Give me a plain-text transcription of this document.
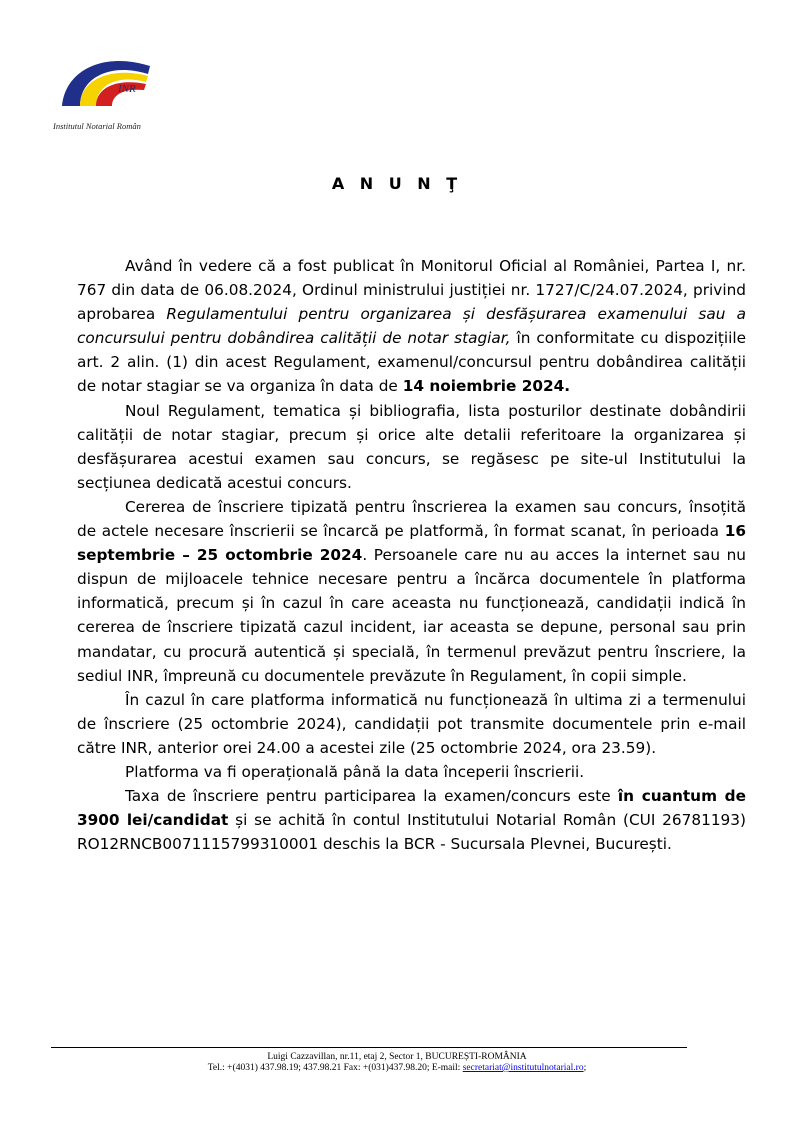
INR
Institutul Notarial Român
A N U N Ţ

Având în vedere că a fost publicat în Monitorul Oficial al României, Partea I, nr. 767 din data de 06.08.2024, Ordinul ministrului justiției nr. 1727/C/24.07.2024, privind aprobarea Regulamentului pentru organizarea și desfășurarea examenului sau a concursului pentru dobândirea calității de notar stagiar, în conformitate cu dispozițiile art. 2 alin. (1) din acest Regulament, examenul/concursul pentru dobândirea calității de notar stagiar se va organiza în data de 14 noiembrie 2024.

Noul Regulament, tematica și bibliografia, lista posturilor destinate dobândirii calității de notar stagiar, precum și orice alte detalii referitoare la organizarea și desfășurarea acestui examen sau concurs, se regăsesc pe site-ul Institutului la secțiunea dedicată acestui concurs.

Cererea de înscriere tipizată pentru înscrierea la examen sau concurs, însoțită de actele necesare înscrierii se încarcă pe platformă, în format scanat, în perioada 16 septembrie – 25 octombrie 2024. Persoanele care nu au acces la internet sau nu dispun de mijloacele tehnice necesare pentru a încărca documentele în platforma informatică, precum și în cazul în care aceasta nu funcționează, candidații indică în cererea de înscriere tipizată cazul incident, iar aceasta se depune, personal sau prin mandatar, cu procură autentică și specială, în termenul prevăzut pentru înscriere, la sediul INR, împreună cu documentele prevăzute în Regulament, în copii simple.

În cazul în care platforma informatică nu funcționează în ultima zi a termenului de înscriere (25 octombrie 2024), candidații pot transmite documentele prin e-mail către INR, anterior orei 24.00 a acestei zile (25 octombrie 2024, ora 23.59).

Platforma va fi operațională până la data începerii înscrierii.

Taxa de înscriere pentru participarea la examen/concurs este în cuantum de 3900 lei/candidat și se achită în contul Institutului Notarial Român (CUI 26781193) RO12RNCB0071115799310001 deschis la BCR - Sucursala Plevnei, București.

Luigi Cazzavillan, nr.11, etaj 2, Sector 1, BUCUREȘTI-ROMÂNIA
Tel.: +(4031) 437.98.19; 437.98.21 Fax: +(031)437.98.20; E-mail: secretariat@institutulnotarial.ro;
